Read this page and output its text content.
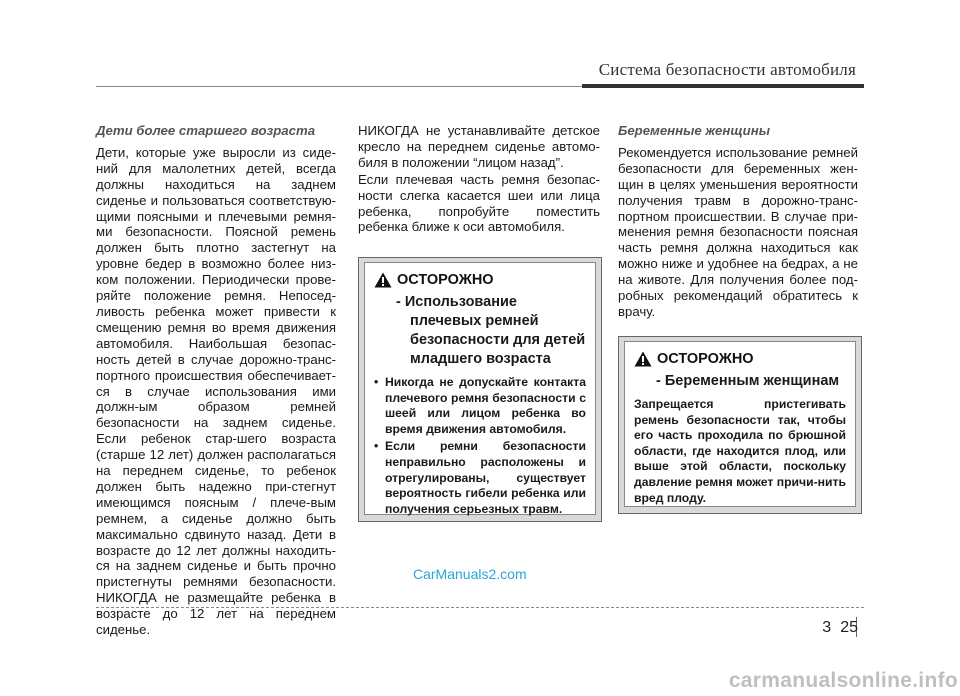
Система безопасности автомобиля

Дети более старшего возраста

Дети, которые уже выросли из сиде-ний для малолетних детей, всегда должны находиться на заднем сиденье и пользоваться соответствую-щими поясными и плечевыми ремня-ми безопасности. Поясной ремень должен быть плотно застегнут на уровне бедер в возможно более низ-ком положении. Периодически прове-ряйте положение ремня. Непосед-ливость ребенка может привести к смещению ремня во время движения автомобиля. Наибольшая безопас-ность детей в случае дорожно-транс-портного происшествия обеспечивает-ся в случае использования ими должн-ым образом ремней безопасности на заднем сиденье. Если ребенок стар-шего возраста (старше 12 лет) должен располагаться на переднем сиденье, то ребенок должен быть надежно при-стегнут имеющимся поясным / плече-вым ремнем, а сиденье должно быть максимально сдвинуто назад. Дети в возрасте до 12 лет должны находить-ся на заднем сиденье и быть прочно пристегнуты ремнями безопасности. НИКОГДА не размещайте ребенка в возрасте до 12 лет на переднем сиденье.

НИКОГДА не устанавливайте детское кресло на переднем сиденье автомо-биля в положении “лицом назад”.

Если плечевая часть ремня безопас-ности слегка касается шеи или лица ребенка, попробуйте поместить ребенка ближе к оси автомобиля.

ОСТОРОЖНО
- Использование
плечевых ремней
безопасности для детей
младшего возраста
• Никогда не допускайте контакта плечевого ремня безопасности с шеей или лицом ребенка во время движения автомобиля.
• Если ремни безопасности неправильно расположены и отрегулированы, существует вероятность гибели ребенка или получения серьезных травм.

Беременные женщины

Рекомендуется использование ремней безопасности для беременных жен-щин в целях уменьшения вероятности получения травм в дорожно-транс-портном происшествии. В случае при-менения ремня безопасности поясная часть ремня должна находиться как можно ниже и удобнее на бедрах, а не на животе. Для получения более под-робных рекомендаций обратитесь к врачу.

ОСТОРОЖНО
- Беременным женщинам
Запрещается пристегивать ремень безопасности так, чтобы его часть проходила по брюшной области, где находится плод, или выше этой области, поскольку давление ремня может причи-нить вред плоду.
CarManuals2.com
3 25
carmanualsonline.info
